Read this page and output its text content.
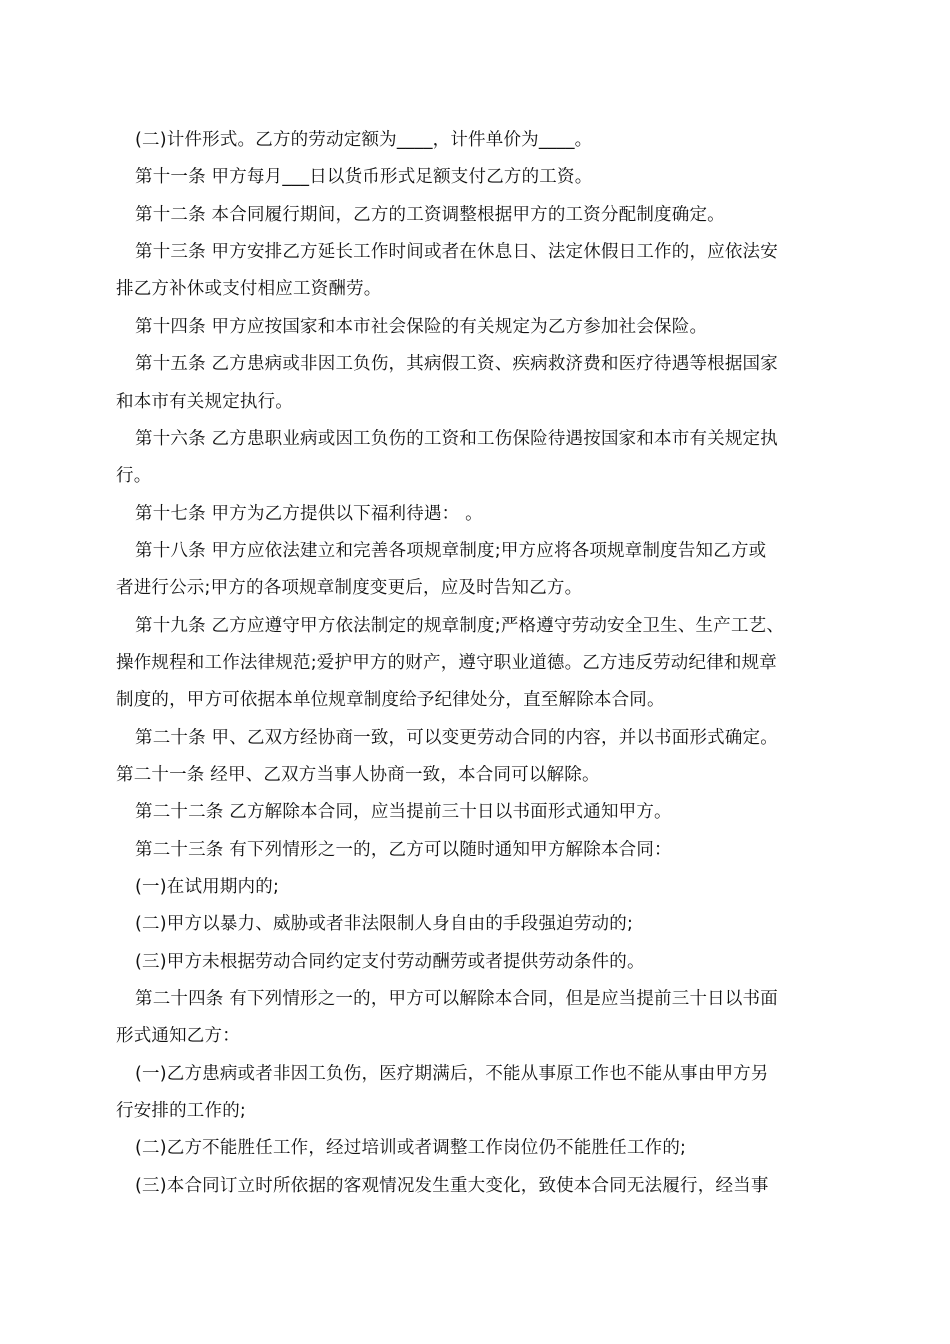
(二)计件形式。乙方的劳动定额为____，计件单价为____。
第十一条 甲方每月___日以货币形式足额支付乙方的工资。
第十二条 本合同履行期间，乙方的工资调整根据甲方的工资分配制度确定。
第十三条 甲方安排乙方延长工作时间或者在休息日、法定休假日工作的，应依法安
排乙方补休或支付相应工资酬劳。
第十四条 甲方应按国家和本市社会保险的有关规定为乙方参加社会保险。
第十五条 乙方患病或非因工负伤，其病假工资、疾病救济费和医疗待遇等根据国家
和本市有关规定执行。
第十六条 乙方患职业病或因工负伤的工资和工伤保险待遇按国家和本市有关规定执
行。
第十七条 甲方为乙方提供以下福利待遇： 。
第十八条 甲方应依法建立和完善各项规章制度;甲方应将各项规章制度告知乙方或
者进行公示;甲方的各项规章制度变更后，应及时告知乙方。
第十九条 乙方应遵守甲方依法制定的规章制度;严格遵守劳动安全卫生、生产工艺、
操作规程和工作法律规范;爱护甲方的财产，遵守职业道德。乙方违反劳动纪律和规章
制度的，甲方可依据本单位规章制度给予纪律处分，直至解除本合同。
第二十条 甲、乙双方经协商一致，可以变更劳动合同的内容，并以书面形式确定。
第二十一条 经甲、乙双方当事人协商一致，本合同可以解除。
第二十二条 乙方解除本合同，应当提前三十日以书面形式通知甲方。
第二十三条 有下列情形之一的，乙方可以随时通知甲方解除本合同：
(一)在试用期内的;
(二)甲方以暴力、威胁或者非法限制人身自由的手段强迫劳动的;
(三)甲方未根据劳动合同约定支付劳动酬劳或者提供劳动条件的。
第二十四条 有下列情形之一的，甲方可以解除本合同，但是应当提前三十日以书面
形式通知乙方：
(一)乙方患病或者非因工负伤，医疗期满后，不能从事原工作也不能从事由甲方另
行安排的工作的;
(二)乙方不能胜任工作，经过培训或者调整工作岗位仍不能胜任工作的;
(三)本合同订立时所依据的客观情况发生重大变化，致使本合同无法履行，经当事
